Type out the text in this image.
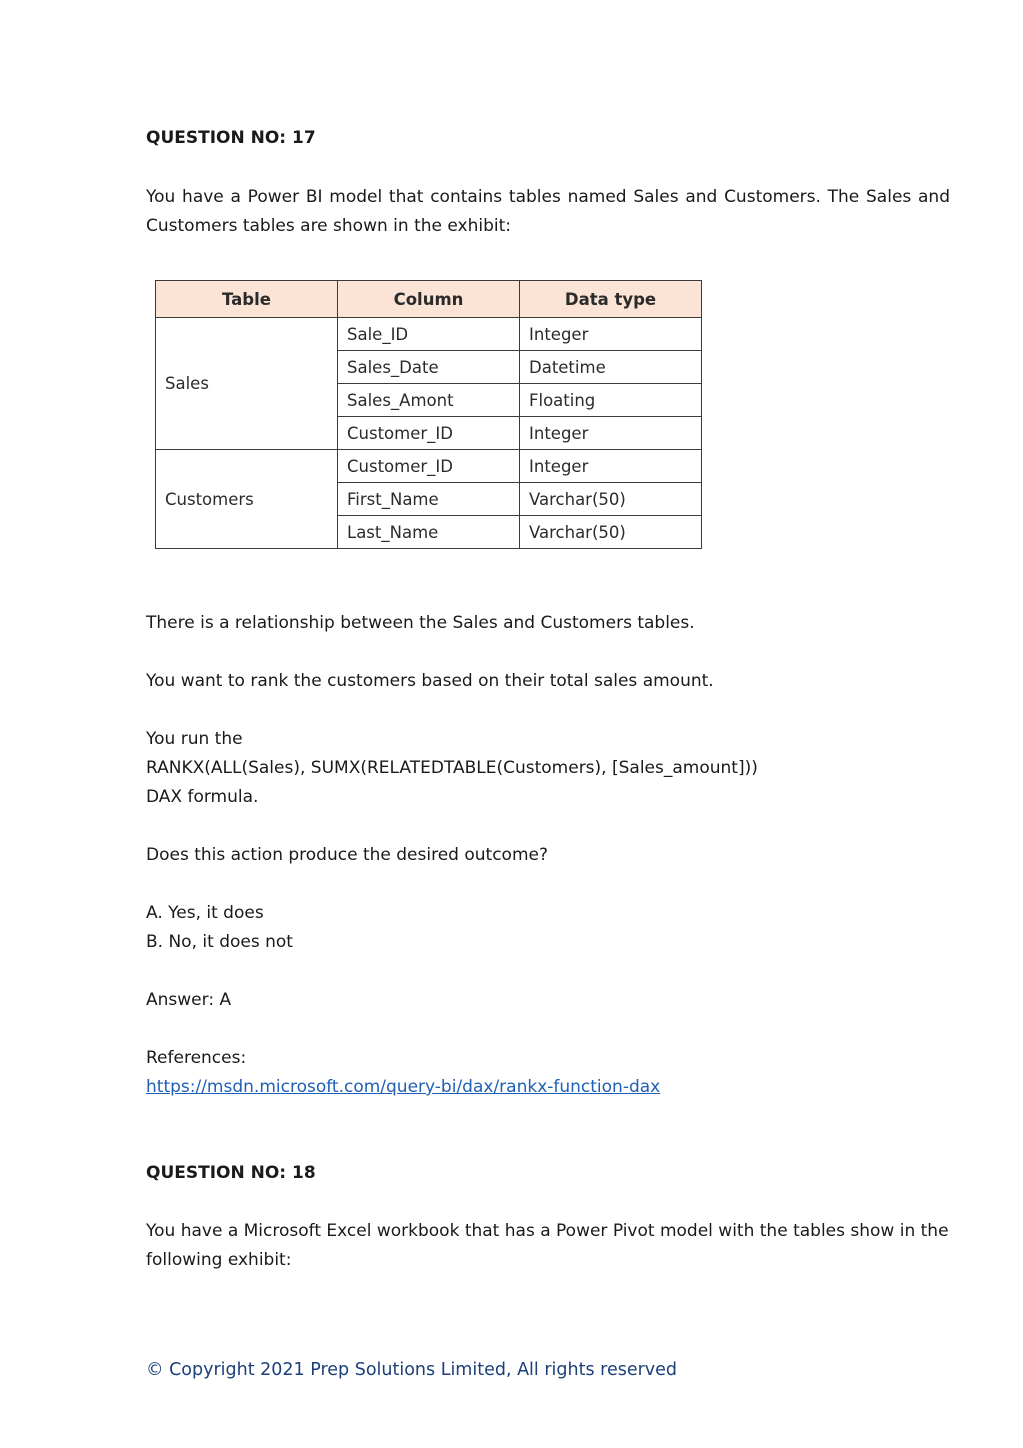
QUESTION NO: 17
You have a Power BI model that contains tables named Sales and Customers. The Sales and Customers tables are shown in the exhibit:
Table	Column	Data type
Sales	Sale_ID	Integer
	Sales_Date	Datetime
	Sales_Amont	Floating
	Customer_ID	Integer
Customers	Customer_ID	Integer
	First_Name	Varchar(50)
	Last_Name	Varchar(50)
There is a relationship between the Sales and Customers tables.
You want to rank the customers based on their total sales amount.
You run the
RANKX(ALL(Sales), SUMX(RELATEDTABLE(Customers), [Sales_amount]))
DAX formula.
Does this action produce the desired outcome?
A. Yes, it does
B. No, it does not
Answer: A
References:
https://msdn.microsoft.com/query-bi/dax/rankx-function-dax
QUESTION NO: 18
You have a Microsoft Excel workbook that has a Power Pivot model with the tables show in the
following exhibit:
© Copyright 2021 Prep Solutions Limited, All rights reserved
